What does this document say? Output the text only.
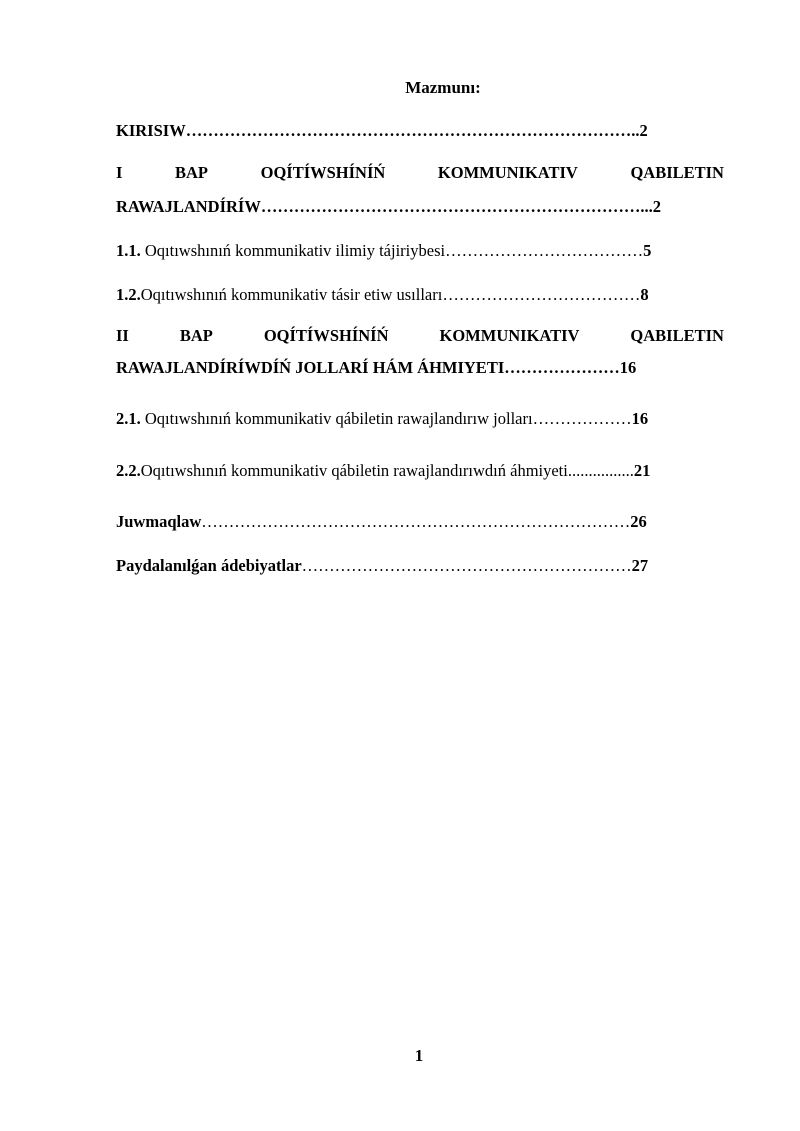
Mazmunı:
KIRISIW………………………………………………………………………..2
I	BAP	OQÍTÍWSHÍNÍŃ	KOMMUNIKATIV	QABILETIN
RAWAJLANDÍRÍW……………………………………………………………...2
1.1. Oqıtıwshınıń kommunikativ ilimiy tájiriybesi………………………………5
1.2.Oqıtıwshınıń kommunikativ tásir etiw usılları………………………………8
II	BAP	OQÍTÍWSHÍNÍŃ	KOMMUNIKATIV	QABILETIN
RAWAJLANDÍRÍWDÍŃ JOLLARÍ HÁM ÁHMIYETI…………………16
2.1. Oqıtıwshınıń kommunikativ qábiletin rawajlandırıw jolları………………16
2.2.Oqıtıwshınıń kommunikativ qábiletin rawajlandırıwdıń áhmiyeti................21
Juwmaqlaw……………………………………………………………………26
Paydalanılǵan ádebiyatlar……………………………………………………27
1
